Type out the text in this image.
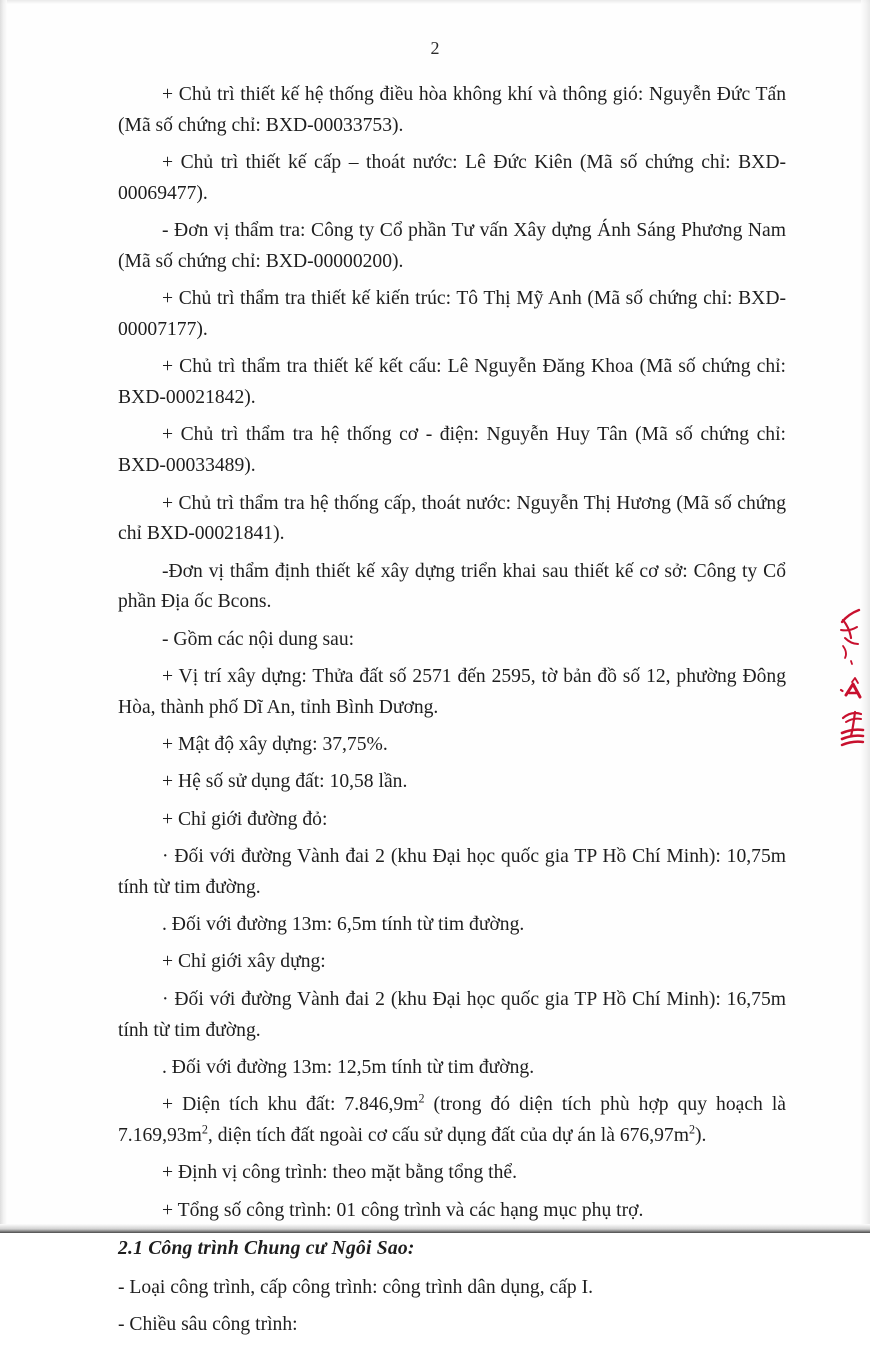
2

+ Chủ trì thiết kế hệ thống điều hòa không khí và thông gió: Nguyễn Đức Tấn (Mã số chứng chỉ: BXD-00033753).

+ Chủ trì thiết kế cấp – thoát nước: Lê Đức Kiên (Mã số chứng chỉ: BXD-00069477).

- Đơn vị thẩm tra: Công ty Cổ phần Tư vấn Xây dựng Ánh Sáng Phương Nam (Mã số chứng chỉ: BXD-00000200).

+ Chủ trì thẩm tra thiết kế kiến trúc: Tô Thị Mỹ Anh (Mã số chứng chỉ: BXD-00007177).

+ Chủ trì thẩm tra thiết kế kết cấu: Lê Nguyễn Đăng Khoa (Mã số chứng chỉ: BXD-00021842).

+ Chủ trì thẩm tra hệ thống cơ - điện: Nguyễn Huy Tân (Mã số chứng chỉ: BXD-00033489).

+ Chủ trì thẩm tra hệ thống cấp, thoát nước: Nguyễn Thị Hương (Mã số chứng chỉ BXD-00021841).

-Đơn vị thẩm định thiết kế xây dựng triển khai sau thiết kế cơ sở: Công ty Cổ phần Địa ốc Bcons.

- Gồm các nội dung sau:

+ Vị trí xây dựng: Thửa đất số 2571 đến 2595, tờ bản đồ số 12, phường Đông Hòa, thành phố Dĩ An, tỉnh Bình Dương.

+ Mật độ xây dựng: 37,75%.

+ Hệ số sử dụng đất: 10,58 lần.

+ Chỉ giới đường đỏ:

· Đối với đường Vành đai 2 (khu Đại học quốc gia TP Hồ Chí Minh): 10,75m tính từ tim đường.

. Đối với đường 13m: 6,5m tính từ tim đường.

+ Chỉ giới xây dựng:

· Đối với đường Vành đai 2 (khu Đại học quốc gia TP Hồ Chí Minh): 16,75m tính từ tim đường.

. Đối với đường 13m: 12,5m tính từ tim đường.

+ Diện tích khu đất: $7.846,9m^2$ (trong đó diện tích phù hợp quy hoạch là $7.169,93m^2$, diện tích đất ngoài cơ cấu sử dụng đất của dự án là $676,97m^2$).

+ Định vị công trình: theo mặt bằng tổng thể.

+ Tổng số công trình: 01 công trình và các hạng mục phụ trợ.

2.1 Công trình Chung cư Ngôi Sao:

- Loại công trình, cấp công trình: công trình dân dụng, cấp I.

- Chiều sâu công trình:
